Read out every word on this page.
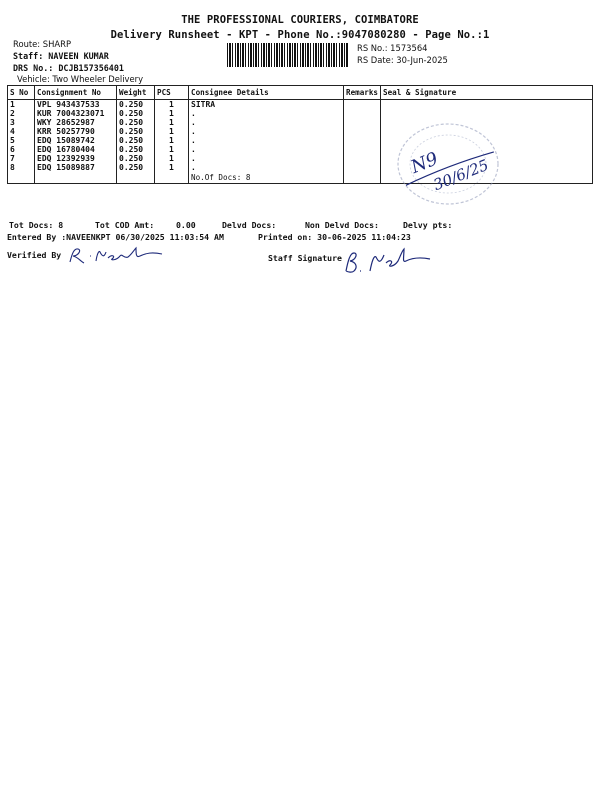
THE PROFESSIONAL COURIERS, COIMBATORE
Delivery Runsheet - KPT - Phone No.:9047080280 - Page No.:1
Route: SHARP
Staff: NAVEEN KUMAR
DRS No.: DCJB157356401
Vehicle: Two Wheeler Delivery
RS No.: 1573564
RS Date: 30-Jun-2025
S No	Consignment No	Weight	PCS	Consignee Details	Remarks	Seal & Signature
1	VPL 943437533	0.250	1	SITRA		
2	KUR 7004323071	0.250	1	.		
3	WKY 28652987	0.250	1	.		
4	KRR 50257790	0.250	1	.		
5	EDQ 15089742	0.250	1	.		
6	EDQ 16780404	0.250	1	.		
7	EDQ 12392939	0.250	1	.		
8	EDQ 15089887	0.250	1	.		
				No.Of Docs: 8			N9
30/6/25
Tot Docs: 8	Tot COD Amt:	0.00	Delvd Docs:	Non Delvd Docs:	Delvy pts:
Entered By :NAVEENKPT 06/30/2025 11:03:54 AM	Printed on: 30-06-2025 11:04:23
Verified By	Staff Signature
